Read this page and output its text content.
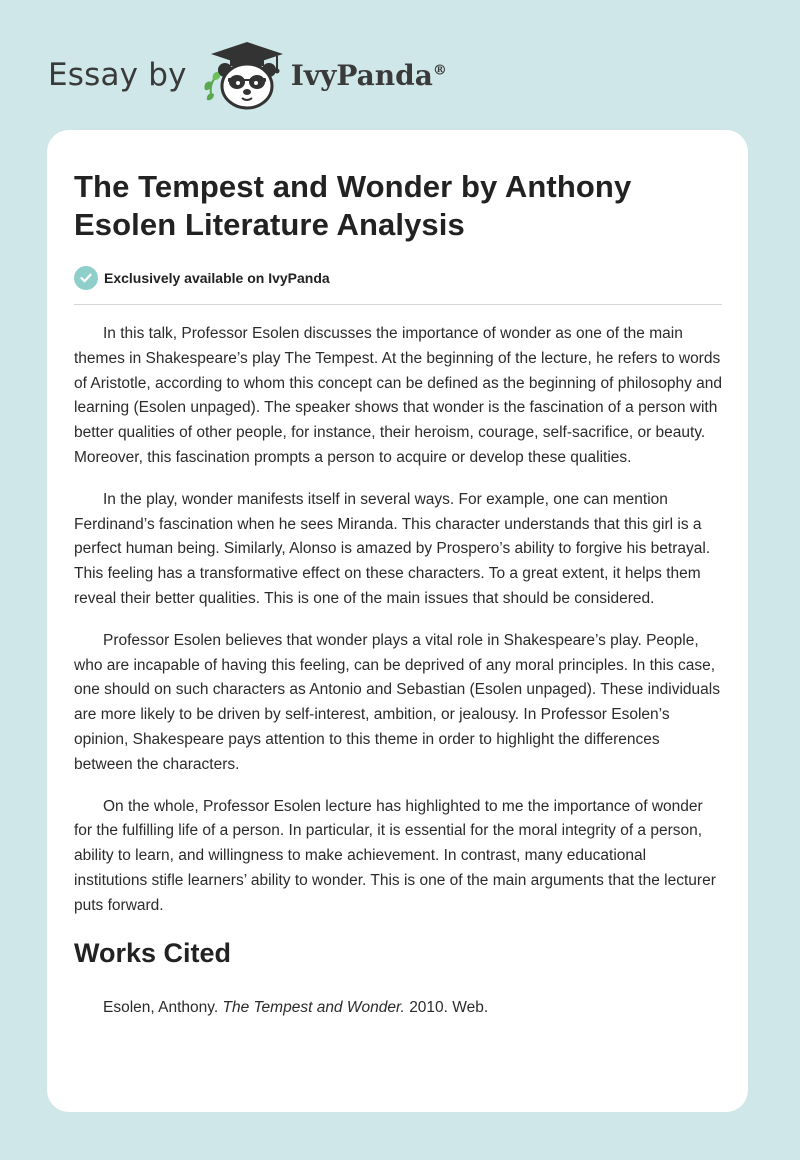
Essay by	IvyPanda®
The Tempest and Wonder by Anthony Esolen Literature Analysis
Exclusively available on IvyPanda

In this talk, Professor Esolen discusses the importance of wonder as one of the main themes in Shakespeare’s play The Tempest. At the beginning of the lecture, he refers to words of Aristotle, according to whom this concept can be defined as the beginning of philosophy and learning (Esolen unpaged). The speaker shows that wonder is the fascination of a person with better qualities of other people, for instance, their heroism, courage, self-sacrifice, or beauty. Moreover, this fascination prompts a person to acquire or develop these qualities.

In the play, wonder manifests itself in several ways. For example, one can mention Ferdinand’s fascination when he sees Miranda. This character understands that this girl is a perfect human being. Similarly, Alonso is amazed by Prospero’s ability to forgive his betrayal. This feeling has a transformative effect on these characters. To a great extent, it helps them reveal their better qualities. This is one of the main issues that should be considered.

Professor Esolen believes that wonder plays a vital role in Shakespeare’s play. People, who are incapable of having this feeling, can be deprived of any moral principles. In this case, one should on such characters as Antonio and Sebastian (Esolen unpaged). These individuals are more likely to be driven by self-interest, ambition, or jealousy. In Professor Esolen’s opinion, Shakespeare pays attention to this theme in order to highlight the differences between the characters.

On the whole, Professor Esolen lecture has highlighted to me the importance of wonder for the fulfilling life of a person. In particular, it is essential for the moral integrity of a person, ability to learn, and willingness to make achievement. In contrast, many educational institutions stifle learners’ ability to wonder. This is one of the main arguments that the lecturer puts forward.

Works Cited

Esolen, Anthony. The Tempest and Wonder. 2010. Web.
